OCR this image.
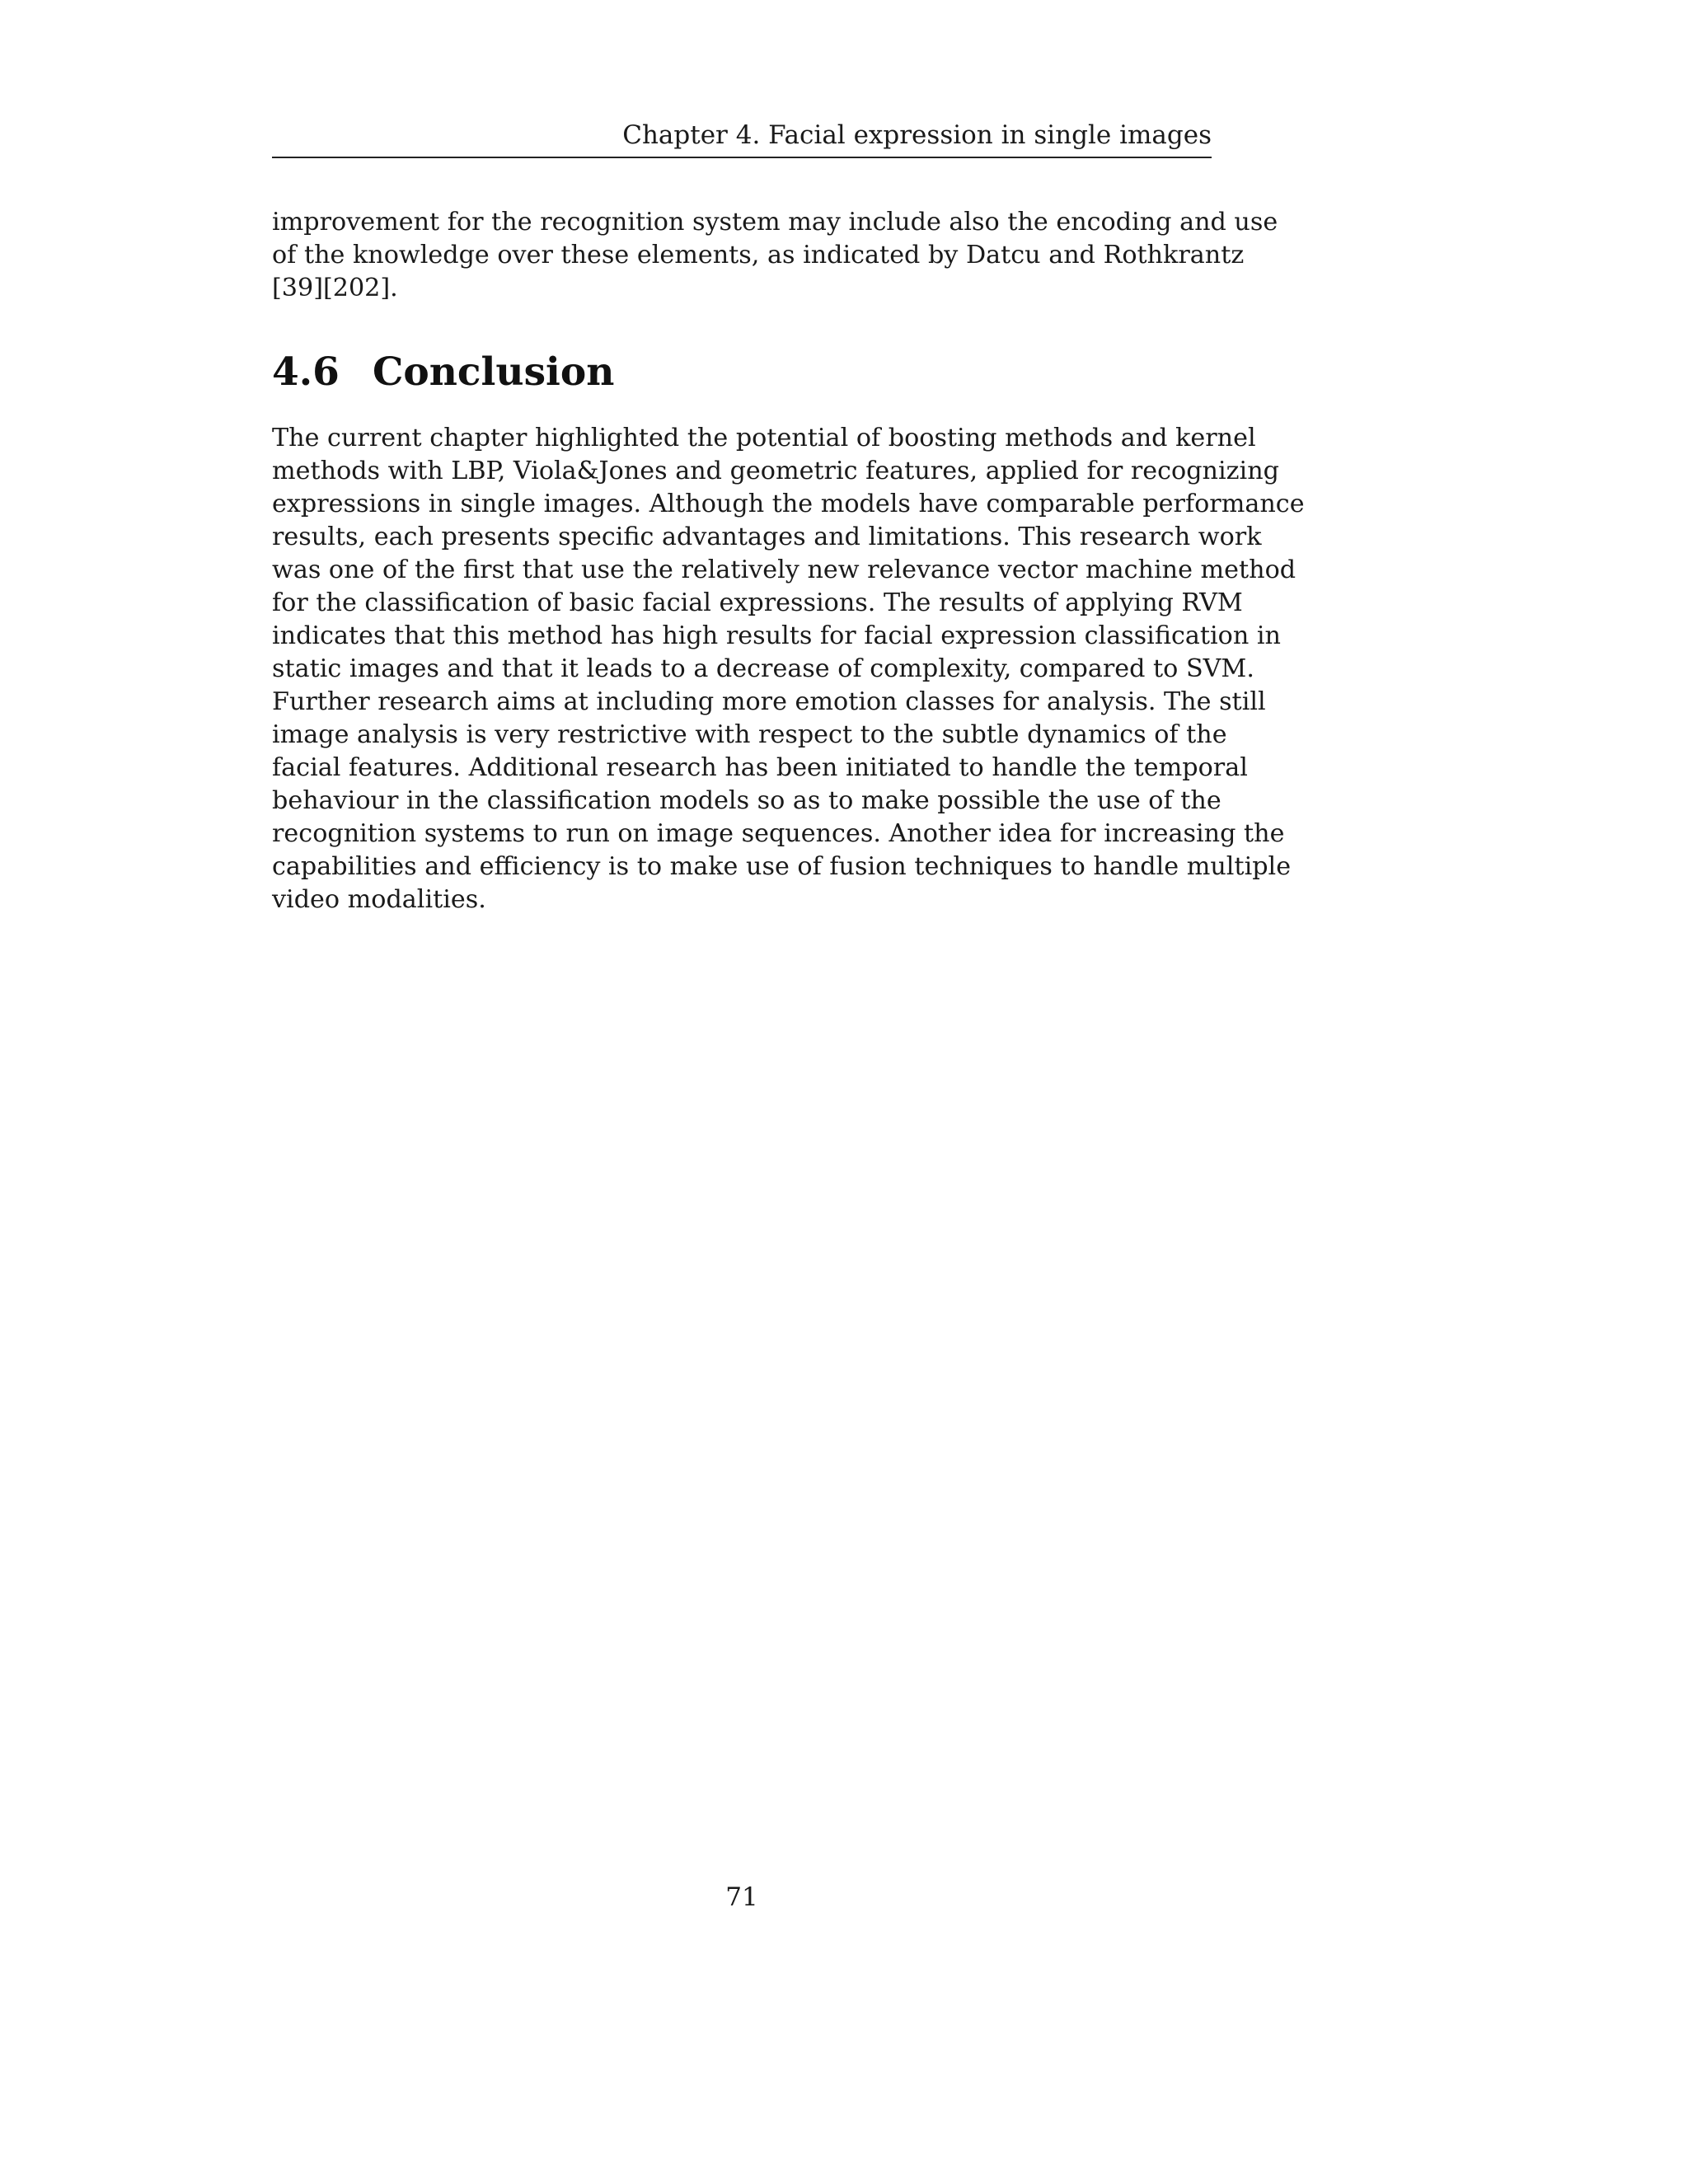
Chapter 4. Facial expression in single images

improvement for the recognition system may include also the encoding and use
of the knowledge over these elements, as indicated by Datcu and Rothkrantz
[39][202].

4.6 Conclusion

The current chapter highlighted the potential of boosting methods and kernel
methods with LBP, Viola&Jones and geometric features, applied for recognizing
expressions in single images. Although the models have comparable performance
results, each presents specific advantages and limitations. This research work
was one of the first that use the relatively new relevance vector machine method
for the classification of basic facial expressions. The results of applying RVM
indicates that this method has high results for facial expression classification in
static images and that it leads to a decrease of complexity, compared to SVM.
Further research aims at including more emotion classes for analysis. The still
image analysis is very restrictive with respect to the subtle dynamics of the
facial features. Additional research has been initiated to handle the temporal
behaviour in the classification models so as to make possible the use of the
recognition systems to run on image sequences. Another idea for increasing the
capabilities and efficiency is to make use of fusion techniques to handle multiple
video modalities.

71
